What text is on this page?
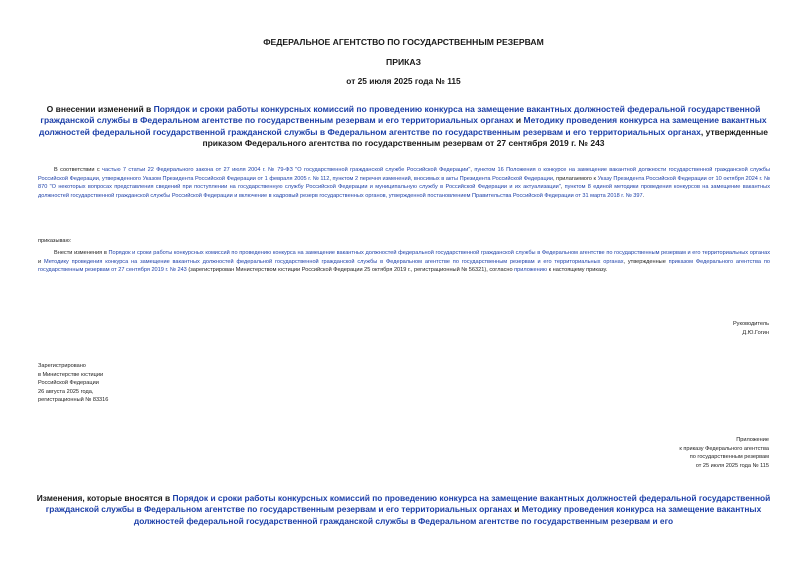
ФЕДЕРАЛЬНОЕ АГЕНТСТВО ПО ГОСУДАРСТВЕННЫМ РЕЗЕРВАМ
ПРИКАЗ
от 25 июля 2025 года № 115
О внесении изменений в Порядок и сроки работы конкурсных комиссий по проведению конкурса на замещение вакантных должностей федеральной государственной гражданской службы в Федеральном агентстве по государственным резервам и его территориальных органах и Методику проведения конкурса на замещение вакантных должностей федеральной государственной гражданской службы в Федеральном агентстве по государственным резервам и его территориальных органах, утвержденные приказом Федерального агентства по государственным резервам от 27 сентября 2019 г. № 243
В соответствии с частью 7 статьи 22 Федерального закона от 27 июля 2004 г. № 79-ФЗ "О государственной гражданской службе Российской Федерации", пунктом 16 Положения о конкурсе на замещение вакантной должности государственной гражданской службы Российской Федерации, утвержденного Указом Президента Российской Федерации от 1 февраля 2005 г. № 112, пунктом 2 перечня изменений, вносимых в акты Президента Российской Федерации, прилагаемого к Указу Президента Российской Федерации от 10 октября 2024 г. № 870 "О некоторых вопросах представления сведений при поступлении на государственную службу Российской Федерации и муниципальную службу в Российской Федерации и их актуализации", пунктом 8 единой методики проведения конкурсов на замещение вакантных должностей государственной гражданской службы Российской Федерации и включение в кадровый резерв государственных органов, утвержденной постановлением Правительства Российской Федерации от 31 марта 2018 г. № 397.
приказываю:
Внести изменения в Порядок и сроки работы конкурсных комиссий по проведению конкурса на замещение вакантных должностей федеральной государственной гражданской службы в Федеральном агентстве по государственным резервам и его территориальных органах и Методику проведения конкурса на замещение вакантных должностей федеральной государственной гражданской службы в Федеральном агентстве по государственным резервам и его территориальных органах, утвержденные приказом Федерального агентства по государственным резервам от 27 сентября 2019 г. № 243 (зарегистрирован Министерством юстиции Российской Федерации 25 октября 2019 г., регистрационный № 56321), согласно приложению к настоящему приказу.
Руководитель
Д.Ю.Гогин
Зарегистрировано
в Министерстве юстиции
Российской Федерации
26 августа 2025 года,
регистрационный № 83316
Приложение
к приказу Федерального агентства
по государственным резервам
от 25 июля 2025 года № 115
Изменения, которые вносятся в Порядок и сроки работы конкурсных комиссий по проведению конкурса на замещение вакантных должностей федеральной государственной гражданской службы в Федеральном агентстве по государственным резервам и его территориальных органах и Методику проведения конкурса на замещение вакантных должностей федеральной государственной гражданской службы в Федеральном агентстве по государственным резервам и его
